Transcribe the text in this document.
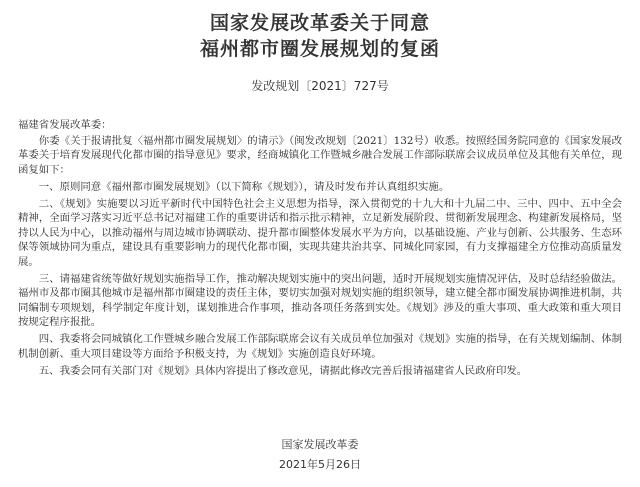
国家发展改革委关于同意
福州都市圈发展规划的复函
发改规划〔2021〕727号

福建省发展改革委：

你委《关于报请批复〈福州都市圈发展规划〉的请示》（闽发改规划〔2021〕132号）收悉。按照经国务院同意的《国家发展改革委关于培育发展现代化都市圈的指导意见》要求，经商城镇化工作暨城乡融合发展工作部际联席会议成员单位及其他有关单位，现函复如下：

一、原则同意《福州都市圈发展规划》（以下简称《规划》），请及时发布并认真组织实施。

二、《规划》实施要以习近平新时代中国特色社会主义思想为指导，深入贯彻党的十九大和十九届二中、三中、四中、五中全会精神，全面学习落实习近平总书记对福建工作的重要讲话和指示批示精神，立足新发展阶段、贯彻新发展理念、构建新发展格局，坚持以人民为中心，以推动福州与周边城市协调联动、提升都市圈整体发展水平为方向，以基础设施、产业与创新、公共服务、生态环保等领域协同为重点，建设具有重要影响力的现代化都市圈，实现共建共治共享、同城化同家园，有力支撑福建全方位推动高质量发展。

三、请福建省统等做好规划实施指导工作，推动解决规划实施中的突出问题，适时开展规划实施情况评估，及时总结经验做法。福州市及都市圈其他城市是福州都市圈建设的责任主体，要切实加强对规划实施的组织领导，建立健全都市圈发展协调推进机制，共同编制专项规划，科学制定年度计划，谋划推进合作事项，推动各项任务落到实处。《规划》涉及的重大事项、重大政策和重大项目按规定程序报批。

四、我委将会同城镇化工作暨城乡融合发展工作部际联席会议有关成员单位加强对《规划》实施的指导，在有关规划编制、体制机制创新、重大项目建设等方面给予积极支持，为《规划》实施创造良好环境。

五、我委会同有关部门对《规划》具体内容提出了修改意见，请据此修改完善后报请福建省人民政府印发。

国家发展改革委
2021年5月26日
